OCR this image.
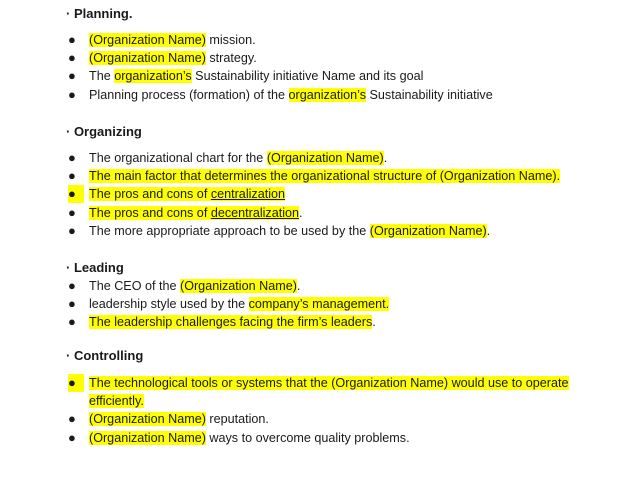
· Planning.
●	(Organization Name) mission.
●	(Organization Name) strategy.
●	The organization’s Sustainability initiative Name and its goal
●	Planning process (formation) of the organization’s Sustainability initiative
· Organizing
●	The organizational chart for the (Organization Name).
●	The main factor that determines the organizational structure of (Organization Name).
●	The pros and cons of centralization
●	The pros and cons of decentralization.
●	The more appropriate approach to be used by the (Organization Name).
· Leading
●	The CEO of the (Organization Name).
●	leadership style used by the company’s management.
●	The leadership challenges facing the firm’s leaders.
· Controlling
●	The technological tools or systems that the (Organization Name) would use to operate efficiently.
●	(Organization Name) reputation.
●	(Organization Name) ways to overcome quality problems.
